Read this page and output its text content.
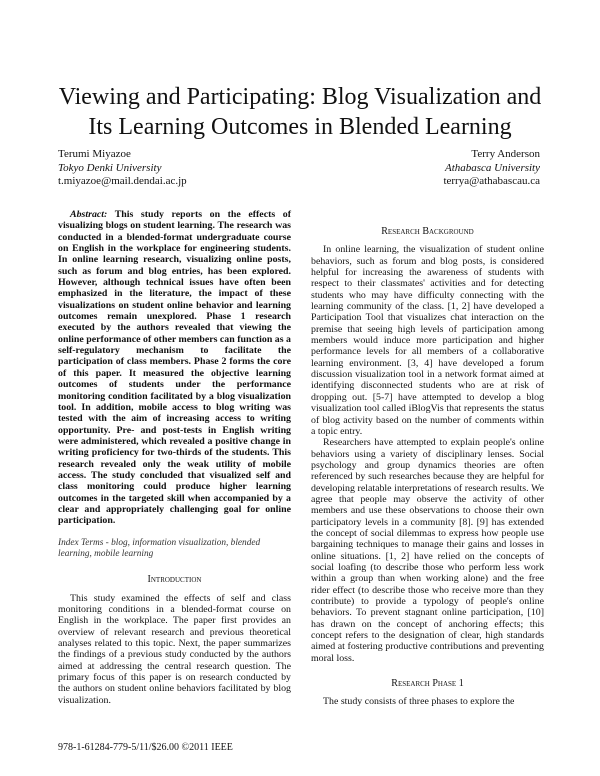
Viewing and Participating: Blog Visualization and
Its Learning Outcomes in Blended Learning
Terumi Miyazoe
Tokyo Denki University
t.miyazoe@mail.dendai.ac.jp
Terry Anderson
Athabasca University
terrya@athabascau.ca

Abstract: This study reports on the effects of visualizing blogs on student learning. The research was conducted in a blended-format undergraduate course on English in the workplace for engineering students. In online learning research, visualizing online posts, such as forum and blog entries, has been explored. However, although technical issues have often been emphasized in the literature, the impact of these visualizations on student online behavior and learning outcomes remain unexplored. Phase 1 research executed by the authors revealed that viewing the online performance of other members can function as a self-regulatory mechanism to facilitate the participation of class members. Phase 2 forms the core of this paper. It measured the objective learning outcomes of students under the performance monitoring condition facilitated by a blog visualization tool. In addition, mobile access to blog writing was tested with the aim of increasing access to writing opportunity. Pre- and post-tests in English writing were administered, which revealed a positive change in writing proficiency for two-thirds of the students. This research revealed only the weak utility of mobile access. The study concluded that visualized self and class monitoring could produce higher learning outcomes in the targeted skill when accompanied by a clear and appropriately challenging goal for online participation.

Index Terms - blog, information visualization, blended learning, mobile learning

Introduction

This study examined the effects of self and class monitoring conditions in a blended-format course on English in the workplace. The paper first provides an overview of relevant research and previous theoretical analyses related to this topic. Next, the paper summarizes the findings of a previous study conducted by the authors aimed at addressing the central research question. The primary focus of this paper is on research conducted by the authors on student online behaviors facilitated by blog visualization.

Research Background

In online learning, the visualization of student online behaviors, such as forum and blog posts, is considered helpful for increasing the awareness of students with respect to their classmates' activities and for detecting students who may have difficulty connecting with the learning community of the class. [1, 2] have developed a Participation Tool that visualizes chat interaction on the premise that seeing high levels of participation among members would induce more participation and higher performance levels for all members of a collaborative learning environment. [3, 4] have developed a forum discussion visualization tool in a network format aimed at identifying disconnected students who are at risk of dropping out. [5-7] have attempted to develop a blog visualization tool called iBlogVis that represents the status of blog activity based on the number of comments within a topic entry.

Researchers have attempted to explain people's online behaviors using a variety of disciplinary lenses. Social psychology and group dynamics theories are often referenced by such researches because they are helpful for developing relatable interpretations of research results. We agree that people may observe the activity of other members and use these observations to choose their own participatory levels in a community [8]. [9] has extended the concept of social dilemmas to express how people use bargaining techniques to manage their gains and losses in online situations. [1, 2] have relied on the concepts of social loafing (to describe those who perform less work within a group than when working alone) and the free rider effect (to describe those who receive more than they contribute) to provide a typology of people's online behaviors. To prevent stagnant online participation, [10] has drawn on the concept of anchoring effects; this concept refers to the designation of clear, high standards aimed at fostering productive contributions and preventing moral loss.

Research Phase 1

The study consists of three phases to explore the

978-1-61284-779-5/11/$26.00 ©2011 IEEE
